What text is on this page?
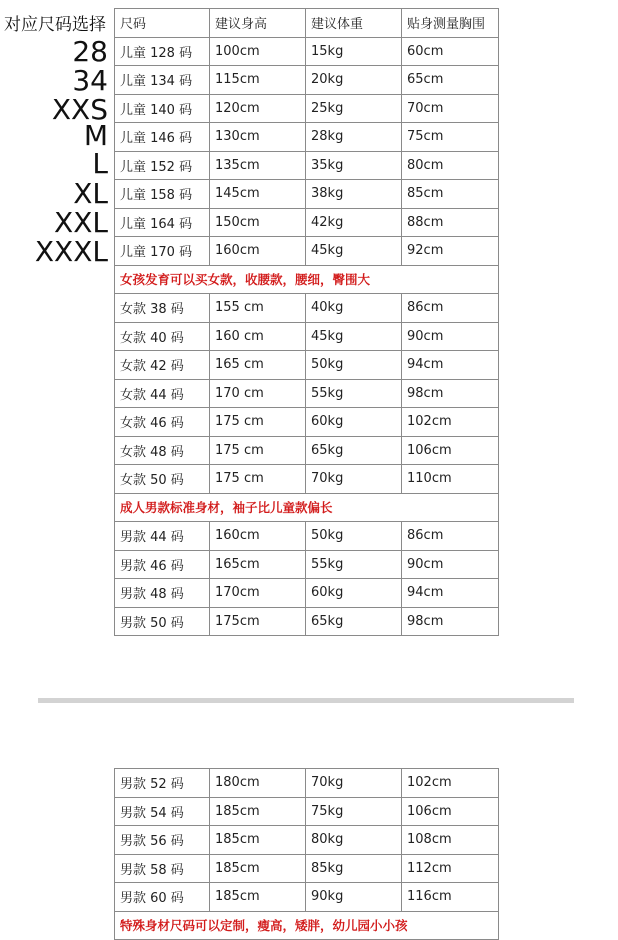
对应尺码选择
28
34
XXS
M
L
XL
XXL
XXXL
尺码	建议身高	建议体重	贴身测量胸围
儿童 128 码	100cm	15kg	60cm
儿童 134 码	115cm	20kg	65cm
儿童 140 码	120cm	25kg	70cm
儿童 146 码	130cm	28kg	75cm
儿童 152 码	135cm	35kg	80cm
儿童 158 码	145cm	38kg	85cm
儿童 164 码	150cm	42kg	88cm
儿童 170 码	160cm	45kg	92cm
女孩发育可以买女款，收腰款，腰细，臀围大			
女款 38 码	155 cm	40kg	86cm
女款 40 码	160 cm	45kg	90cm
女款 42 码	165 cm	50kg	94cm
女款 44 码	170 cm	55kg	98cm
女款 46 码	175 cm	60kg	102cm
女款 48 码	175 cm	65kg	106cm
女款 50 码	175 cm	70kg	110cm
成人男款标准身材，袖子比儿童款偏长			
男款 44 码	160cm	50kg	86cm
男款 46 码	165cm	55kg	90cm
男款 48 码	170cm	60kg	94cm
男款 50 码	175cm	65kg	98cm
男款 52 码	180cm	70kg	102cm
男款 54 码	185cm	75kg	106cm
男款 56 码	185cm	80kg	108cm
男款 58 码	185cm	85kg	112cm
男款 60 码	185cm	90kg	116cm
特殊身材尺码可以定制，瘦高，矮胖，幼儿园小小孩			
